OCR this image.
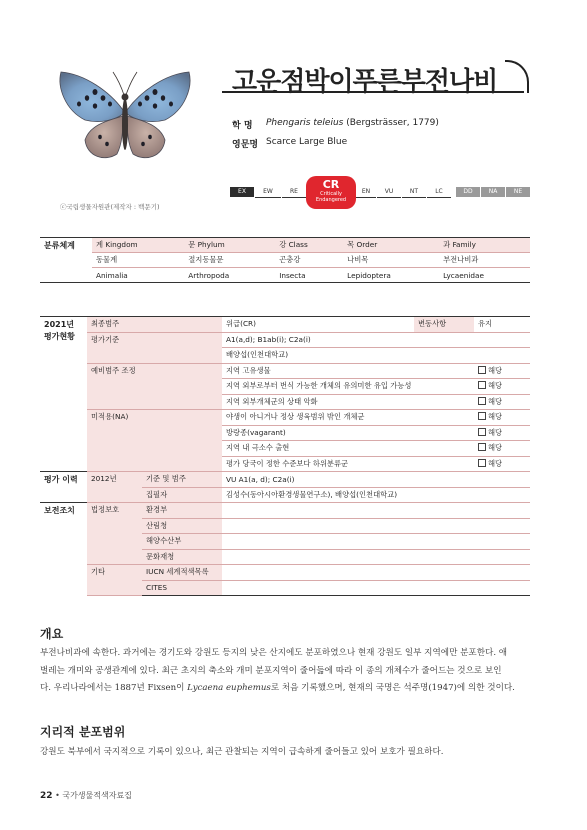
ⓒ국립생물자원관(제작자 : 백문기)
고운점박이푸른부전나비
학 명 Phengaris teleius (Bergsträsser, 1779)
영문명 Scarce Large Blue
EX	EW	RE
CR
Critically Endangered
EN	VU	NT	LC	DD	NA	NE
분류체계	계 Kingdom	문 Phylum	강 Class	목 Order	과 Family
	동물계	절지동물문	곤충강	나비목	부전나비과
	Animalia	Arthropoda	Insecta	Lepidoptera	Lycaenidae
2021년
평가현황	최종범주		위급(CR)	변동사항	유지
	평가기준		A1(a,d); B1ab(i); C2a(i)		
			배양섭(인천대학교)		
	예비범주 조정		지역 고유생물		해당
			지역 외부로부터 번식 가능한 개체의 유의미한 유입 가능성		해당
			지역 외부개체군의 상태 악화		해당
	미적용(NA)		야생이 아니거나 정상 생육범위 밖인 개체군		해당
			방랑종(vagarant)		해당
			지역 내 극소수 출현		해당
			평가 당국이 정한 수준보다 하위분류군		해당
평가 이력	2012년	기준 및 범주	VU A1(a, d); C2a(i)		
		집필자	김성수(동아시아환경생물연구소), 배양섭(인천대학교)		
보전조치	법정보호	환경부			
		산림청			
		해양수산부			
		문화재청			
	기타	IUCN 세계적색목록			
		CITES			
개요
부전나비과에 속한다. 과거에는 경기도와 강원도 등지의 낮은 산지에도 분포하였으나 현재 강원도 일부 지역에만 분포한다. 애
벌레는 개미와 공생관계에 있다. 최근 초지의 축소와 개미 분포지역이 줄어듦에 따라 이 종의 개체수가 줄어드는 것으로 보인
다. 우리나라에서는 1887년 Fixsen이 Lycaena euphemus로 처음 기록했으며, 현재의 국명은 석주명(1947)에 의한 것이다.
지리적 분포범위
강원도 북부에서 국지적으로 기록이 있으나, 최근 관찰되는 지역이 급속하게 줄어들고 있어 보호가 필요하다.
22 • 국가생물적색자료집
